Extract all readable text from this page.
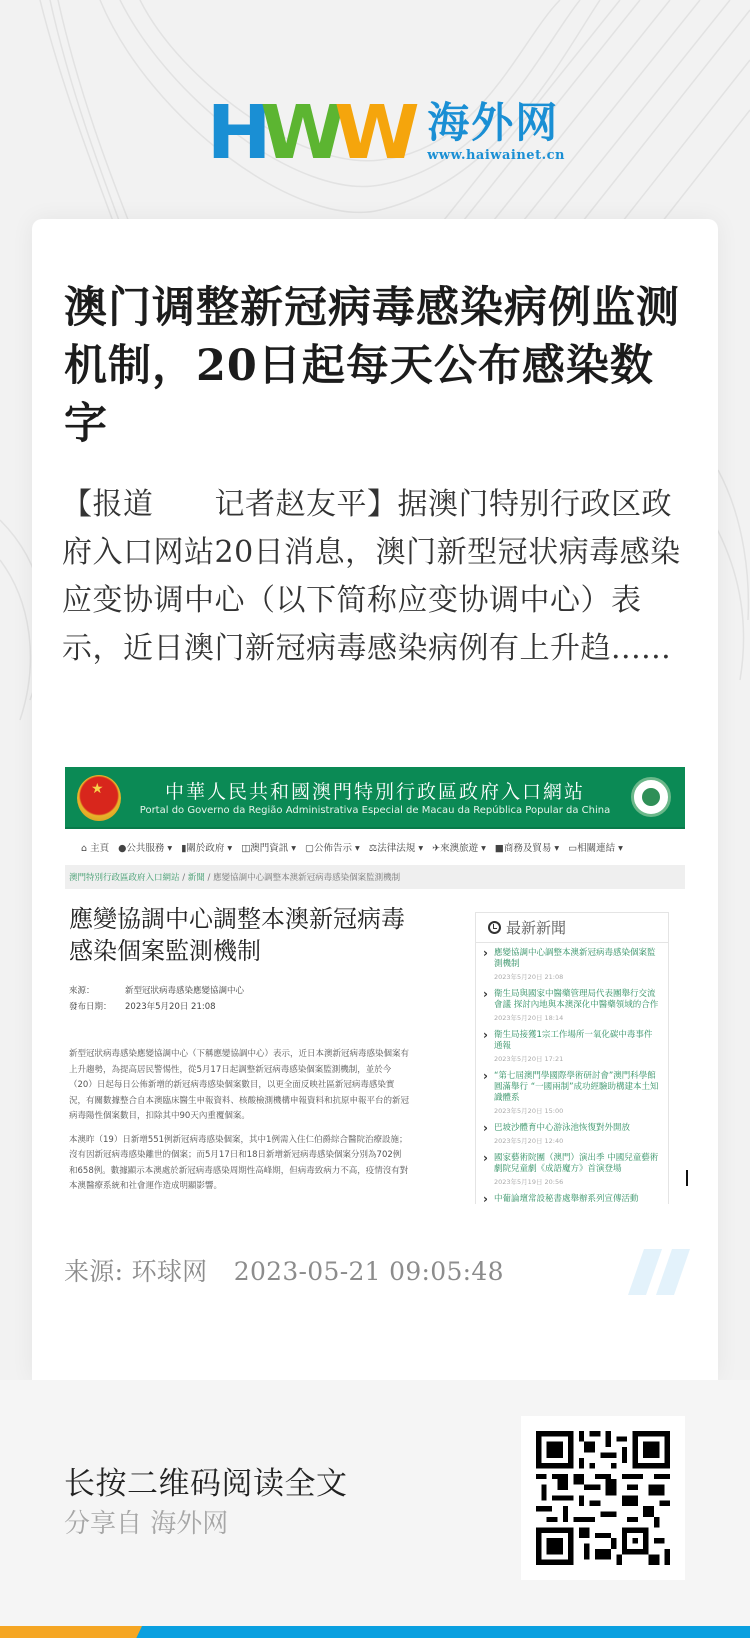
H
W
W 海外网
www.haiwainet.cn
澳门调整新冠病毒感染病例监测机制，20日起每天公布感染数字

【报道　　记者赵友平】据澳门特别行政区政府入口网站20日消息，澳门新型冠状病毒感染应变协调中心（以下简称应变协调中心）表示，近日澳门新冠病毒感染病例有上升趋......

★
中華人民共和國澳門特別行政區政府入口網站
Portal do Governo da Região Administrativa Especial de Macau da República Popular da China
⌂ 主頁 ●公共服務 ▾ ▮關於政府 ▾ ◫澳門資訊 ▾ ▢公佈告示 ▾ ⚖法律法規 ▾ ✈來澳旅遊 ▾ ■商務及貿易 ▾ ▭相關連結 ▾
澳門特別行政區政府入口網站 / 新聞 / 應變協調中心調整本澳新冠病毒感染個案監測機制
應變協調中心調整本澳新冠病毒感染個案監測機制
來源：	新型冠狀病毒感染應變協調中心
發布日期： 2023年5月20日 21:08

新型冠狀病毒感染應變協調中心（下稱應變協調中心）表示，近日本澳新冠病毒感染個案有上升趨勢，為提高居民警惕性，從5月17日起調整新冠病毒感染個案監測機制，並於今（20）日起每日公佈新增的新冠病毒感染個案數目，以更全面反映社區新冠病毒感染實況，有關數據整合自本澳臨床醫生申報資料、核酸檢測機構申報資料和抗原申報平台的新冠病毒陽性個案數目，扣除其中90天內重覆個案。

本澳昨（19）日新增551例新冠病毒感染個案，其中1例需入住仁伯爵綜合醫院治療設施；沒有因新冠病毒感染離世的個案；而5月17日和18日新增新冠病毒感染個案分別為702例和658例。數據顯示本澳處於新冠病毒感染周期性高峰期，但病毒致病力不高，疫情沒有對本澳醫療系統和社會運作造成明顯影響。

最新新聞
› 應變協調中心調整本澳新冠病毒感染個案監測機制
2023年5月20日 21:08
› 衛生局與國家中醫藥管理局代表團舉行交流會議 探討內地與本澳深化中醫藥領域的合作
2023年5月20日 18:14
› 衛生局接獲1宗工作場所一氧化碳中毒事件通報
2023年5月20日 17:21
› “第七屆澳門學國際學術研討會”澳門科學館圓滿舉行 “一國兩制”成功經驗助構建本土知識體系
2023年5月20日 15:00
› 巴坡沙體育中心游泳池恢復對外開放
2023年5月20日 12:40
› 國家藝術院團（澳門）演出季 中國兒童藝術劇院兒童劇《成語魔方》首演登場
2023年5月19日 20:56
› 中葡論壇常設秘書處舉辦系列宣傳活動
来源: 环球网 2023-05-21 09:05:48
长按二维码阅读全文
分享自 海外网
